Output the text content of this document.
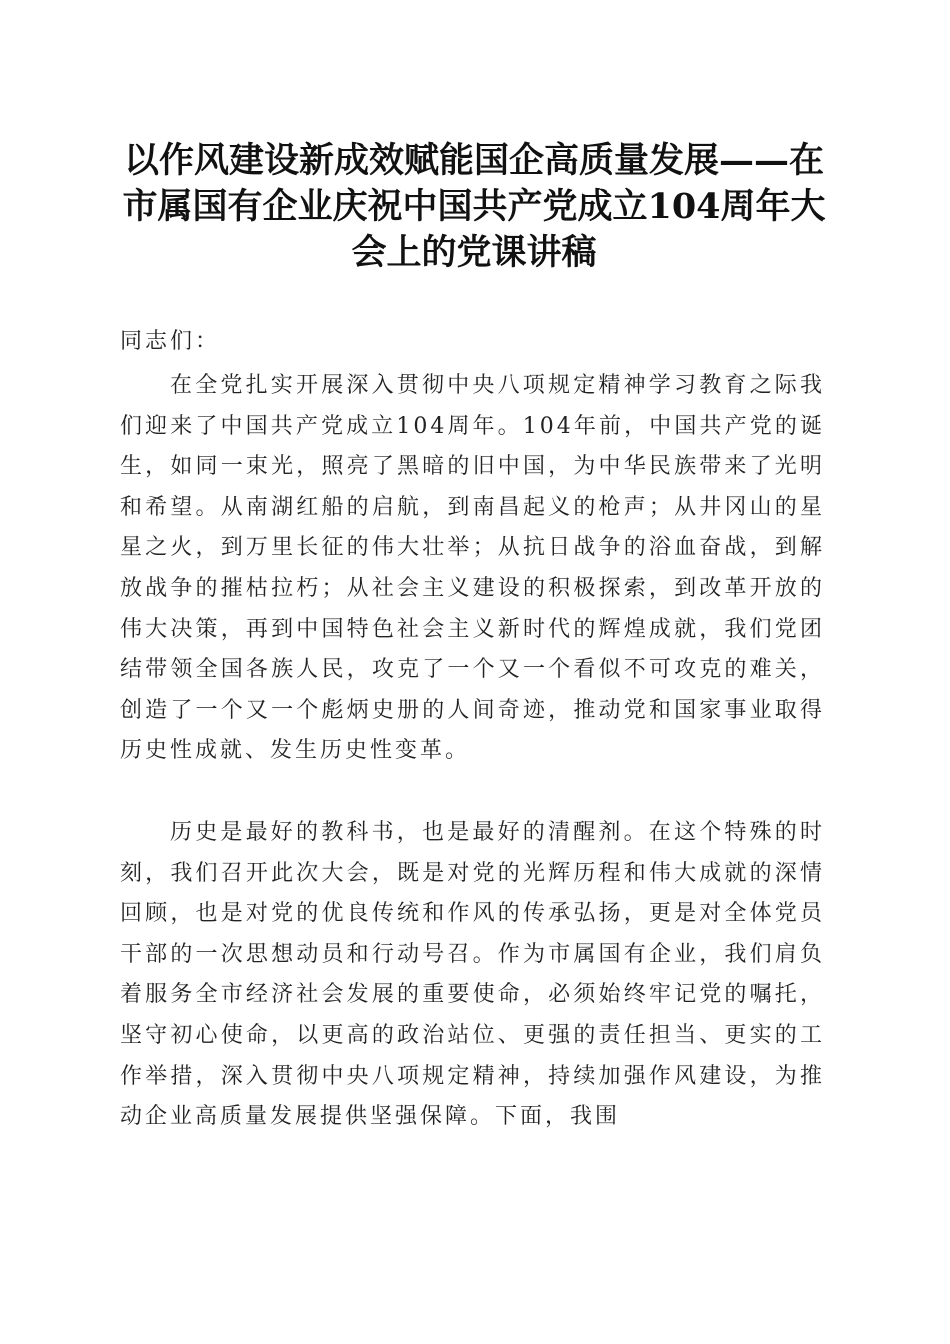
以作风建设新成效赋能国企高质量发展——在市属国有企业庆祝中国共产党成立104周年大会上的党课讲稿

同志们：

在全党扎实开展深入贯彻中央八项规定精神学习教育之际我们迎来了中国共产党成立104周年。104年前，中国共产党的诞生，如同一束光，照亮了黑暗的旧中国，为中华民族带来了光明和希望。从南湖红船的启航，到南昌起义的枪声；从井冈山的星星之火，到万里长征的伟大壮举；从抗日战争的浴血奋战，到解放战争的摧枯拉朽；从社会主义建设的积极探索，到改革开放的伟大决策，再到中国特色社会主义新时代的辉煌成就，我们党团结带领全国各族人民，攻克了一个又一个看似不可攻克的难关，创造了一个又一个彪炳史册的人间奇迹，推动党和国家事业取得历史性成就、发生历史性变革。

历史是最好的教科书，也是最好的清醒剂。在这个特殊的时刻，我们召开此次大会，既是对党的光辉历程和伟大成就的深情回顾，也是对党的优良传统和作风的传承弘扬，更是对全体党员干部的一次思想动员和行动号召。作为市属国有企业，我们肩负着服务全市经济社会发展的重要使命，必须始终牢记党的嘱托，坚守初心使命，以更高的政治站位、更强的责任担当、更实的工作举措，深入贯彻中央八项规定精神，持续加强作风建设，为推动企业高质量发展提供坚强保障。下面，我围
